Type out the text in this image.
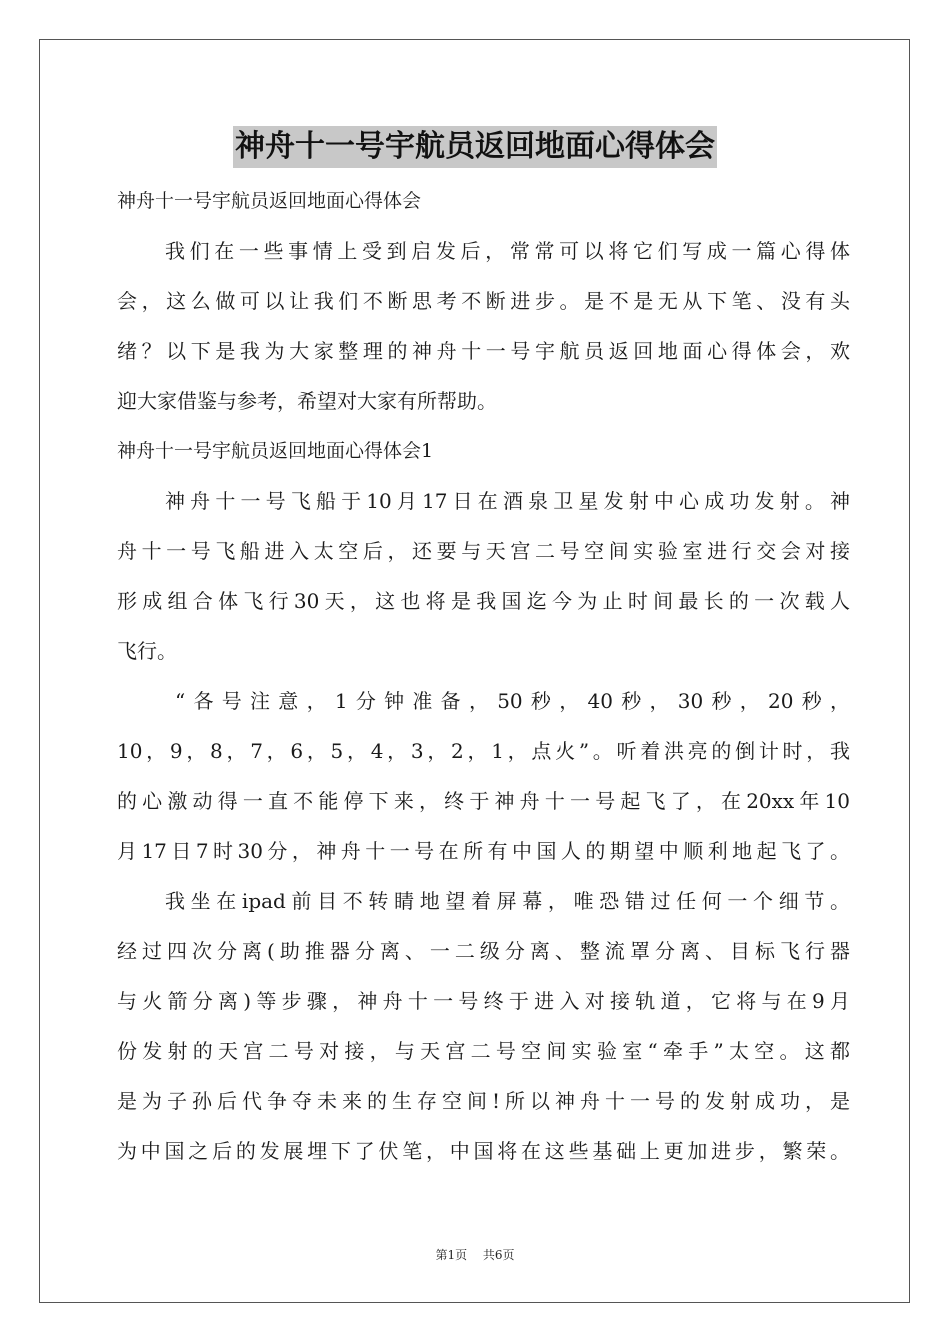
神舟十一号宇航员返回地面心得体会
神舟十一号宇航员返回地面心得体会
我们在一些事情上受到启发后，常常可以将它们写成一篇心得体
会，这么做可以让我们不断思考不断进步。是不是无从下笔、没有头
绪？以下是我为大家整理的神舟十一号宇航员返回地面心得体会，欢
迎大家借鉴与参考，希望对大家有所帮助。
神舟十一号宇航员返回地面心得体会1
神舟十一号飞船于10月17日在酒泉卫星发射中心成功发射。神
舟十一号飞船进入太空后，还要与天宫二号空间实验室进行交会对接
形成组合体飞行30天，这也将是我国迄今为止时间最长的一次载人
飞行。
“各号注意，1分钟准备，50秒，40秒，30秒，20秒，
10，9，8，7，6，5，4，3，2，1，点火”。听着洪亮的倒计时，我
的心激动得一直不能停下来，终于神舟十一号起飞了，在20xx年10
月17日7时30分，神舟十一号在所有中国人的期望中顺利地起飞了。
我坐在ipad前目不转睛地望着屏幕，唯恐错过任何一个细节。
经过四次分离(助推器分离、一二级分离、整流罩分离、目标飞行器
与火箭分离)等步骤，神舟十一号终于进入对接轨道，它将与在9月
份发射的天宫二号对接，与天宫二号空间实验室“牵手”太空。这都
是为子孙后代争夺未来的生存空间!所以神舟十一号的发射成功，是
为中国之后的发展埋下了伏笔，中国将在这些基础上更加进步，繁荣。
第1页 共6页
